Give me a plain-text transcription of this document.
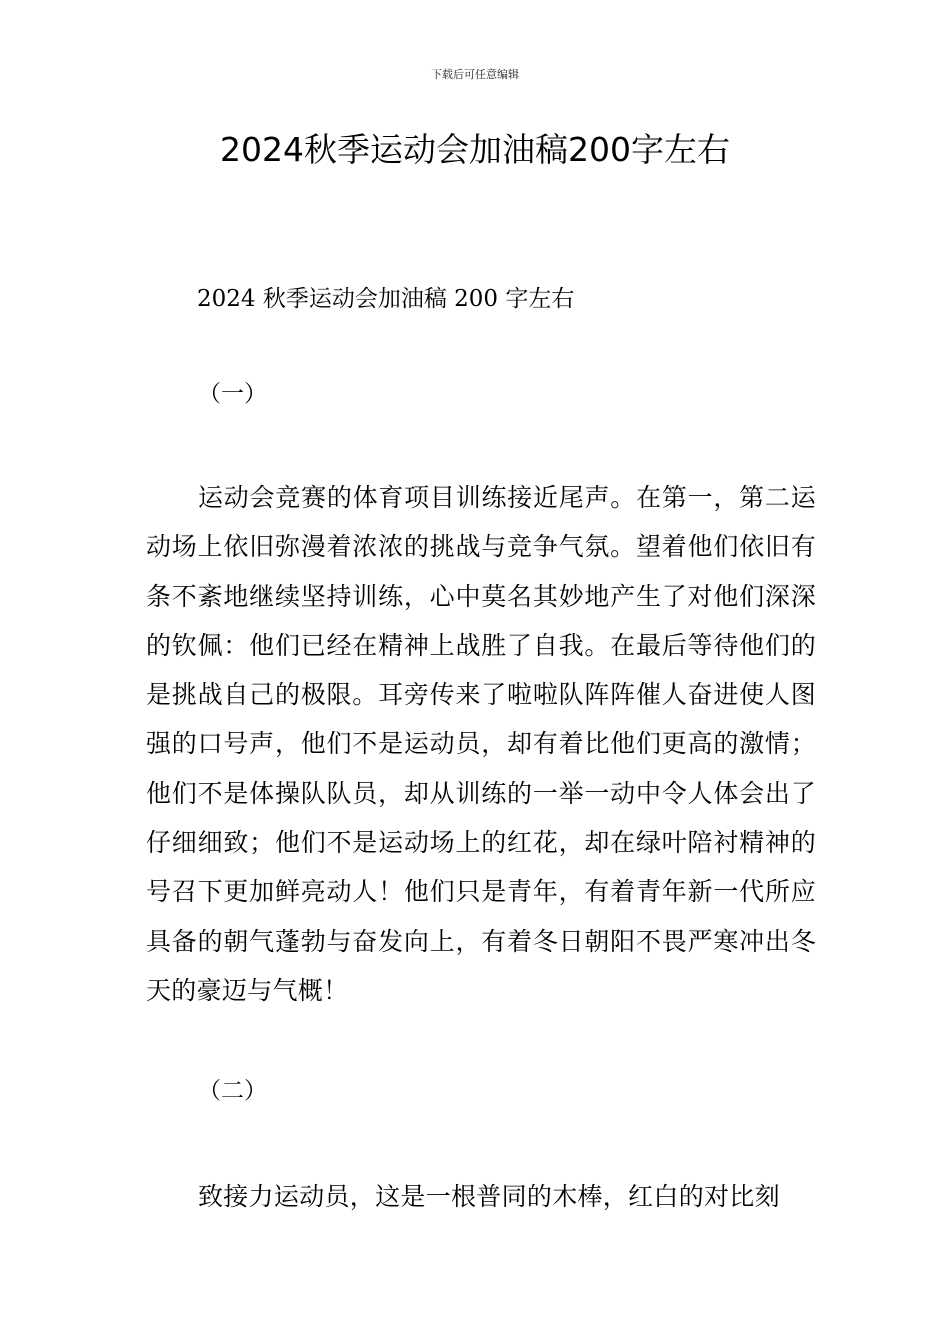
下载后可任意编辑
2024秋季运动会加油稿200字左右
2024 秋季运动会加油稿 200 字左右
（一）

运动会竞赛的体育项目训练接近尾声。在第一，第二运动场上依旧弥漫着浓浓的挑战与竞争气氛。望着他们依旧有条不紊地继续坚持训练，心中莫名其妙地产生了对他们深深的钦佩：他们已经在精神上战胜了自我。在最后等待他们的是挑战自己的极限。耳旁传来了啦啦队阵阵催人奋进使人图强的口号声，他们不是运动员，却有着比他们更高的激情；他们不是体操队队员，却从训练的一举一动中令人体会出了仔细细致；他们不是运动场上的红花，却在绿叶陪衬精神的号召下更加鲜亮动人！他们只是青年，有着青年新一代所应具备的朝气蓬勃与奋发向上，有着冬日朝阳不畏严寒冲出冬天的豪迈与气概！

（二）

致接力运动员，这是一根普同的木棒，红白的对比刻
